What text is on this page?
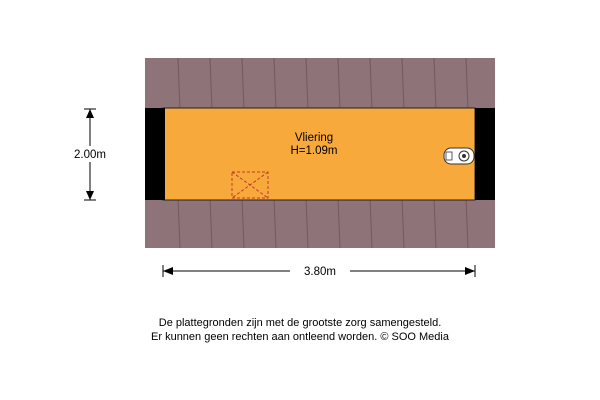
Vliering
H=1.09m
2.00m
3.80m
De plattegronden zijn met de grootste zorg samengesteld.
Er kunnen geen rechten aan ontleend worden. © SOO Media
